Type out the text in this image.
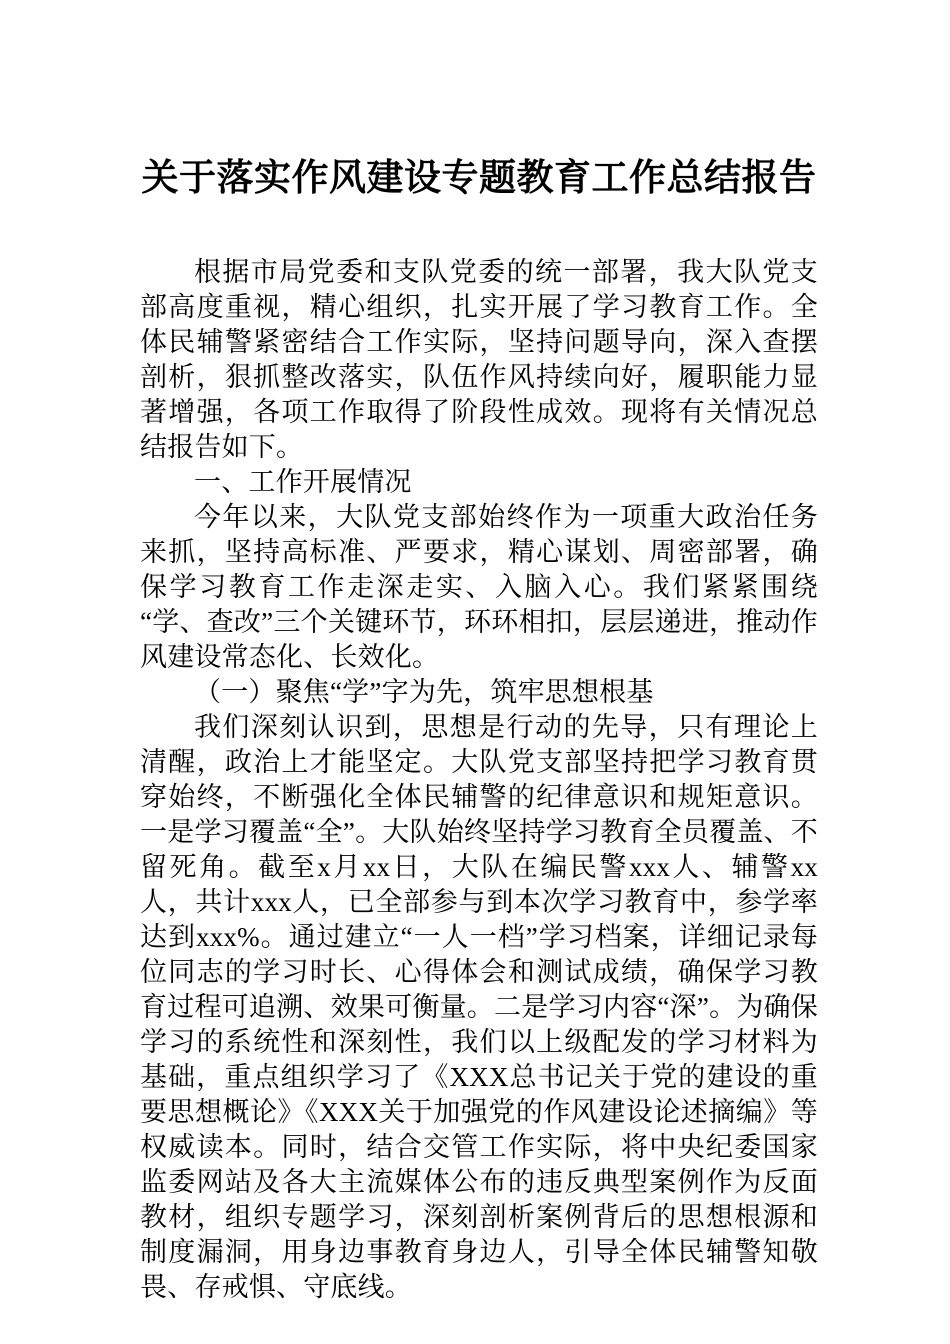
关于落实作风建设专题教育工作总结报告

根据市局党委和支队党委的统一部署，我大队党支部高度重视，精心组织，扎实开展了学习教育工作。全体民辅警紧密结合工作实际，坚持问题导向，深入查摆剖析，狠抓整改落实，队伍作风持续向好，履职能力显著增强，各项工作取得了阶段性成效。现将有关情况总结报告如下。

一、工作开展情况

今年以来，大队党支部始终作为一项重大政治任务来抓，坚持高标准、严要求，精心谋划、周密部署，确保学习教育工作走深走实、入脑入心。我们紧紧围绕“学、查改”三个关键环节，环环相扣，层层递进，推动作风建设常态化、长效化。

（一）聚焦“学”字为先，筑牢思想根基

我们深刻认识到，思想是行动的先导，只有理论上清醒，政治上才能坚定。大队党支部坚持把学习教育贯穿始终，不断强化全体民辅警的纪律意识和规矩意识。一是学习覆盖“全”。大队始终坚持学习教育全员覆盖、不留死角。截至x月xx日，大队在编民警xxx人、辅警xx人，共计xxx人，已全部参与到本次学习教育中，参学率达到xxx%。通过建立“一人一档”学习档案，详细记录每位同志的学习时长、心得体会和测试成绩，确保学习教育过程可追溯、效果可衡量。二是学习内容“深”。为确保学习的系统性和深刻性，我们以上级配发的学习材料为基础，重点组织学习了《XXX总书记关于党的建设的重要思想概论》《XXX关于加强党的作风建设论述摘编》等权威读本。同时，结合交管工作实际，将中央纪委国家监委网站及各大主流媒体公布的违反典型案例作为反面教材，组织专题学习，深刻剖析案例背后的思想根源和制度漏洞，用身边事教育身边人，引导全体民辅警知敬畏、存戒惧、守底线。
